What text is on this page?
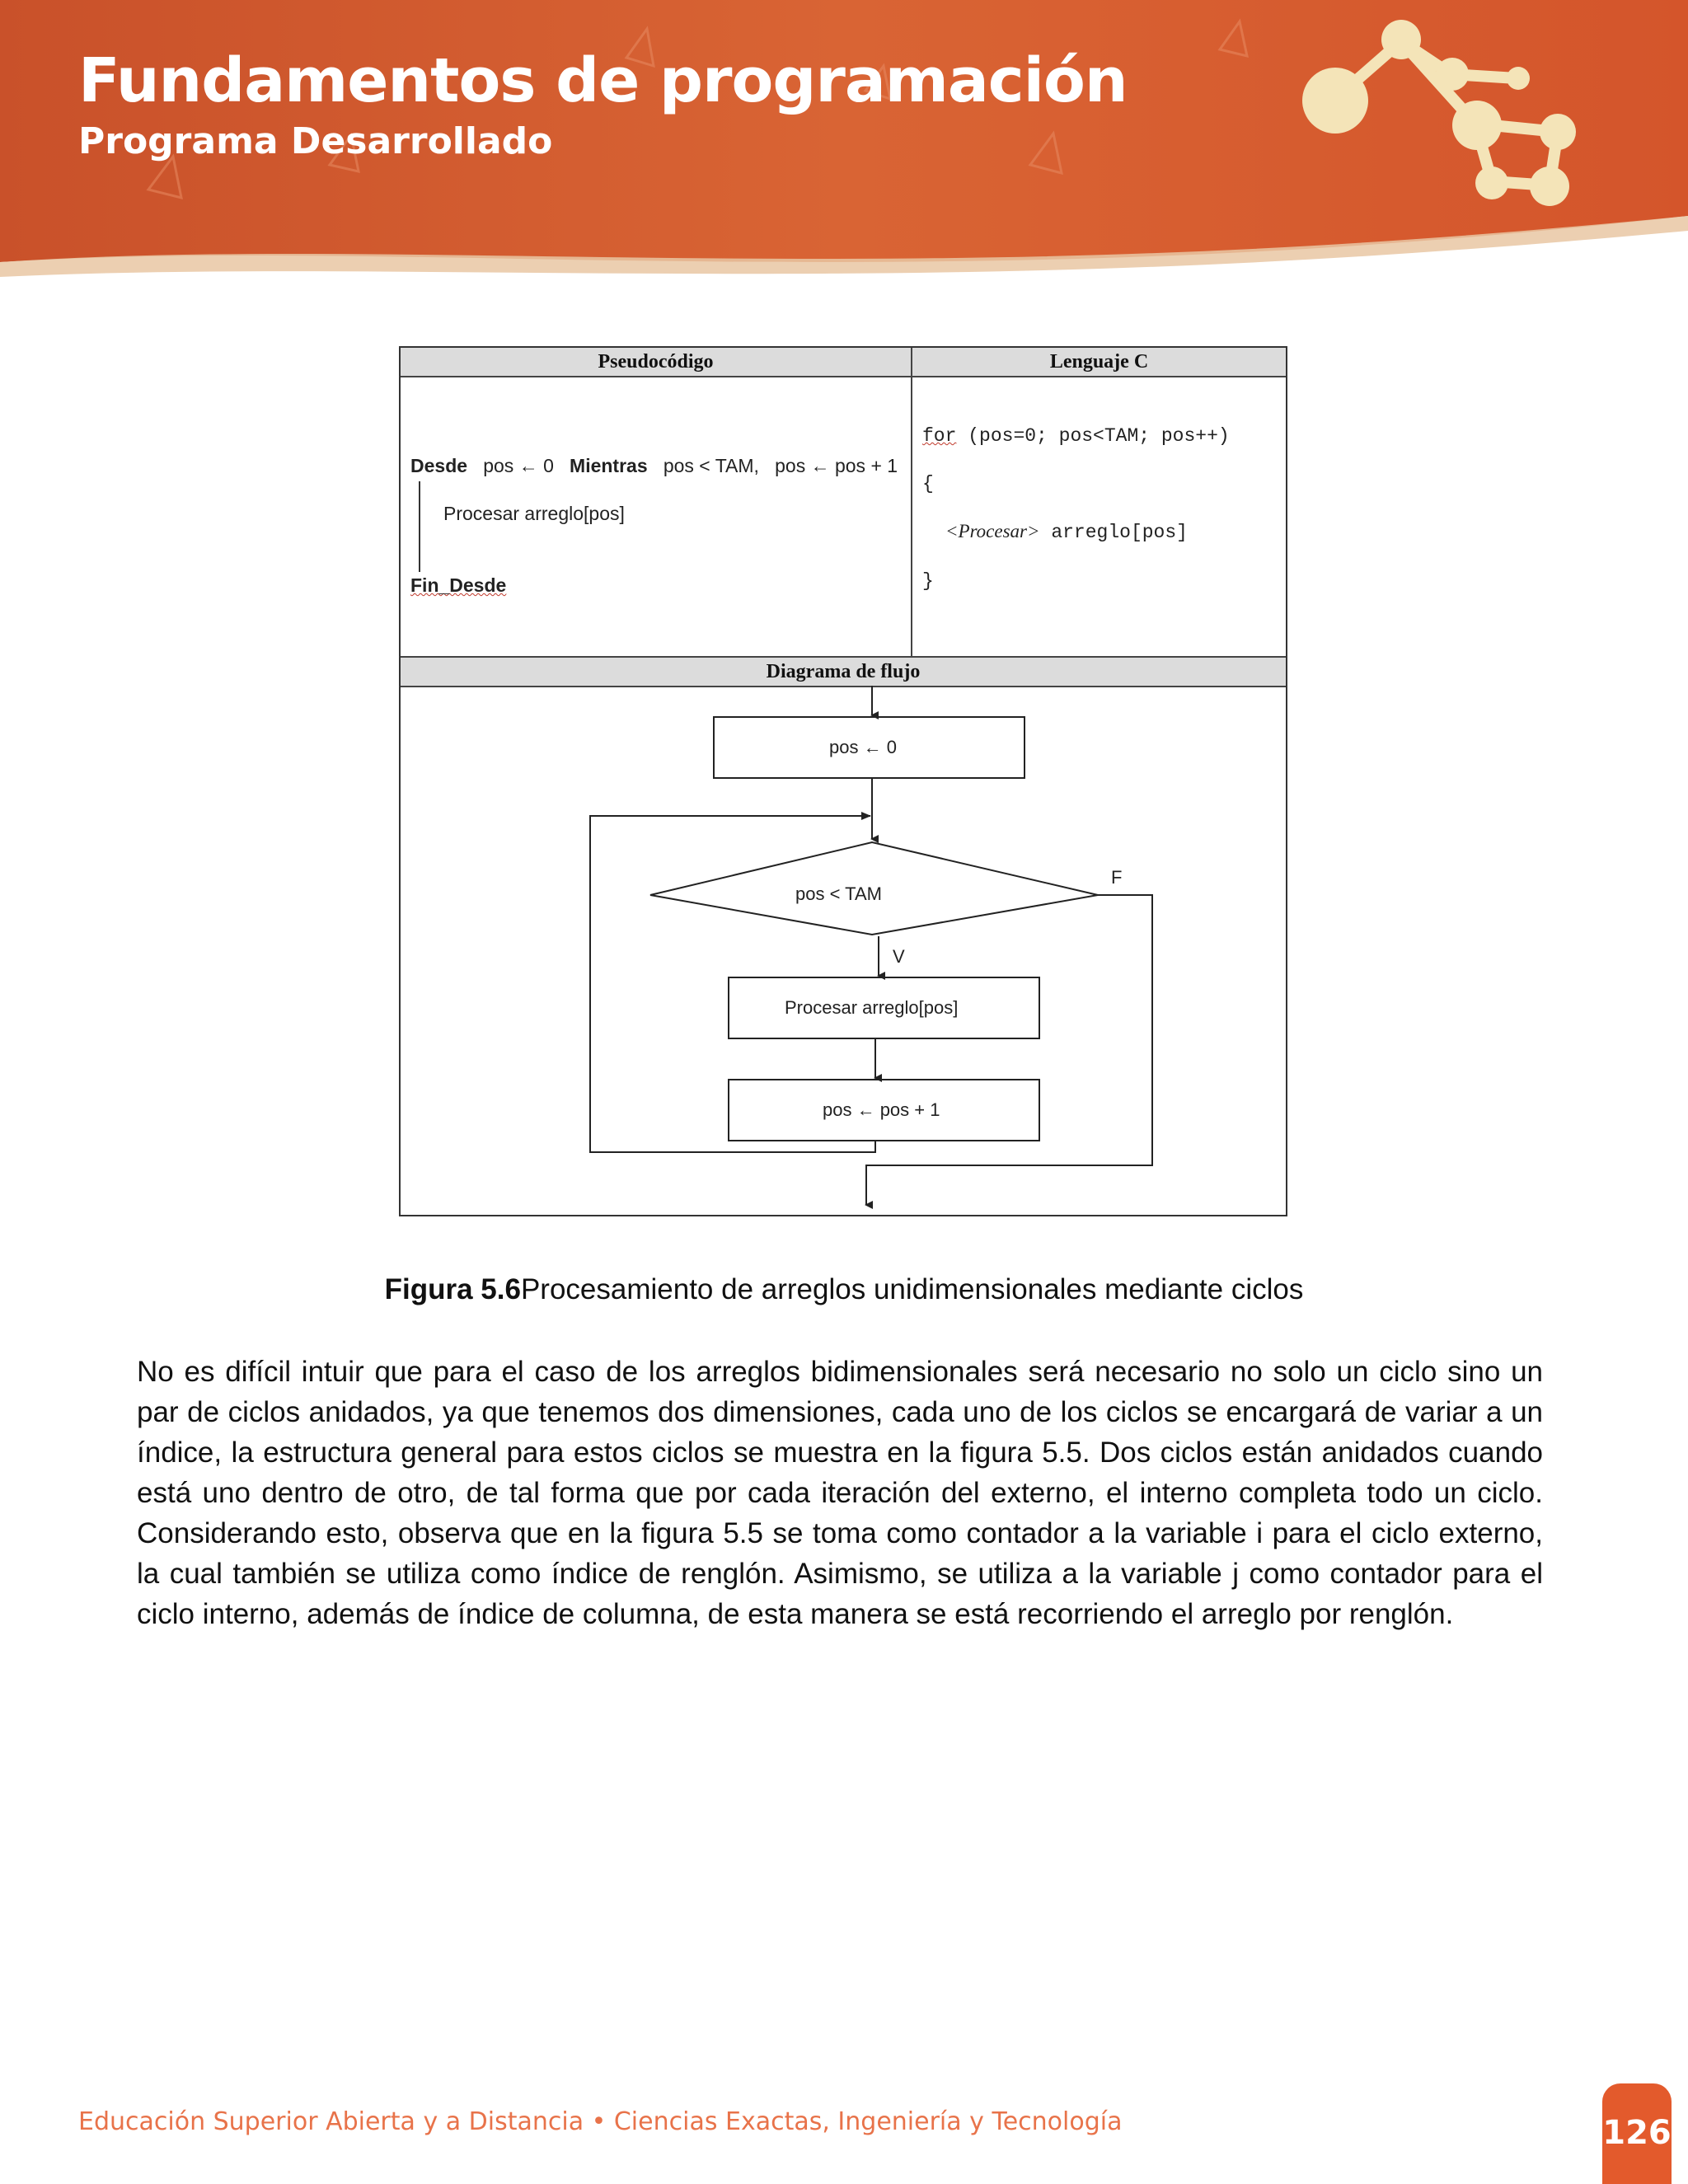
Fundamentos de programación
Programa Desarrollado
Pseudocódigo	Lenguaje C
Desde pos ← 0 Mientras pos < TAM, pos ← pos + 1
Procesar arreglo[pos]
Fin_Desde
for (pos=0; pos<TAM; pos++)
{
<Procesar> arreglo[pos]
}
Diagrama de flujo
pos ← 0
pos < TAM
F
V
Procesar arreglo[pos]
pos ← pos + 1
Figura 5.6Procesamiento de arreglos unidimensionales mediante ciclos

No es difícil intuir que para el caso de los arreglos bidimensionales será necesario no solo un ciclo sino un par de ciclos anidados, ya que tenemos dos dimensiones, cada uno de los ciclos se encargará de variar a un índice, la estructura general para estos ciclos se muestra en la figura 5.5. Dos ciclos están anidados cuando está uno dentro de otro, de tal forma que por cada iteración del externo, el interno completa todo un ciclo. Considerando esto, observa que en la figura 5.5 se toma como contador a la variable i para el ciclo externo, la cual también se utiliza como índice de renglón. Asimismo, se utiliza a la variable j como contador para el ciclo interno, además de índice de columna, de esta manera se está recorriendo el arreglo por renglón.

Educación Superior Abierta y a Distancia • Ciencias Exactas, Ingeniería y Tecnología	126
